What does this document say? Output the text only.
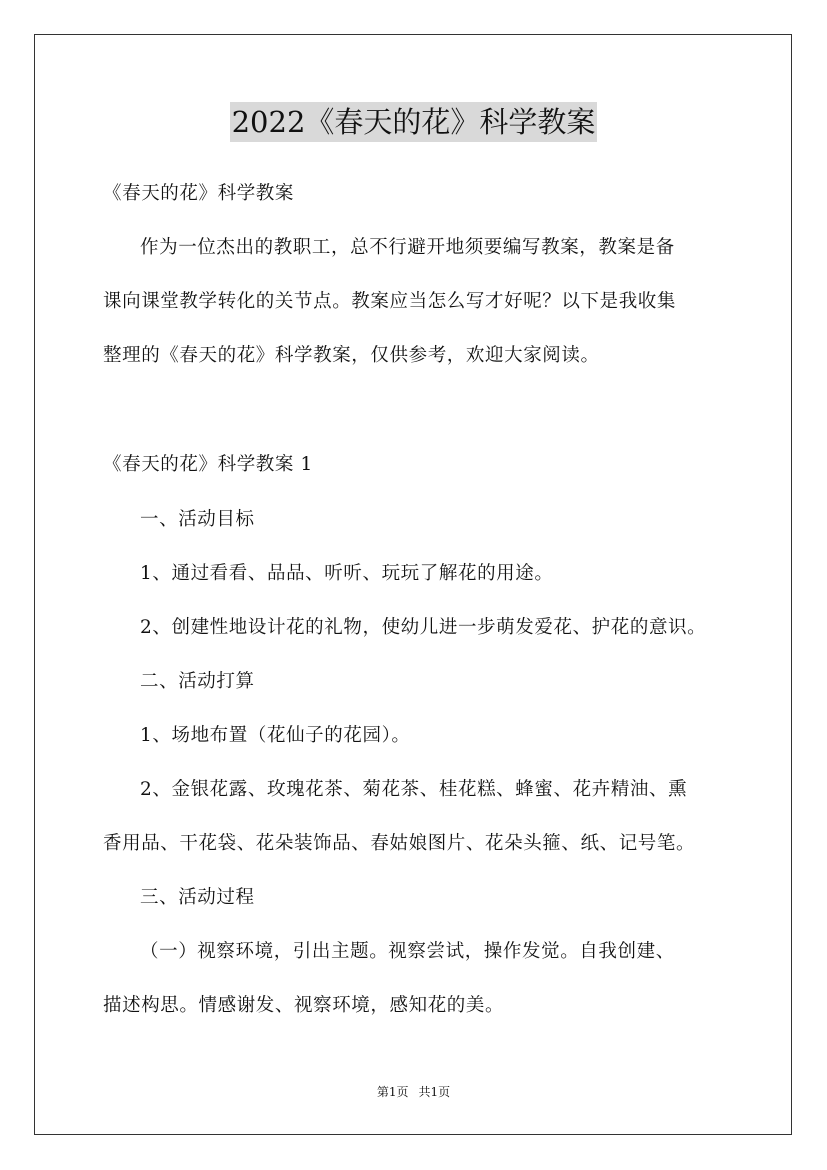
2022《春天的花》科学教案
《春天的花》科学教案
作为一位杰出的教职工，总不行避开地须要编写教案，教案是备
课向课堂教学转化的关节点。教案应当怎么写才好呢？以下是我收集
整理的《春天的花》科学教案，仅供参考，欢迎大家阅读。
《春天的花》科学教案 1
一、活动目标
1、通过看看、品品、听听、玩玩了解花的用途。
2、创建性地设计花的礼物，使幼儿进一步萌发爱花、护花的意识。
二、活动打算
1、场地布置（花仙子的花园）。
2、金银花露、玫瑰花茶、菊花茶、桂花糕、蜂蜜、花卉精油、熏
香用品、干花袋、花朵装饰品、春姑娘图片、花朵头箍、纸、记号笔。
三、活动过程
（一）视察环境，引出主题。视察尝试，操作发觉。自我创建、
描述构思。情感谢发、视察环境，感知花的美。
第1页 共1页
